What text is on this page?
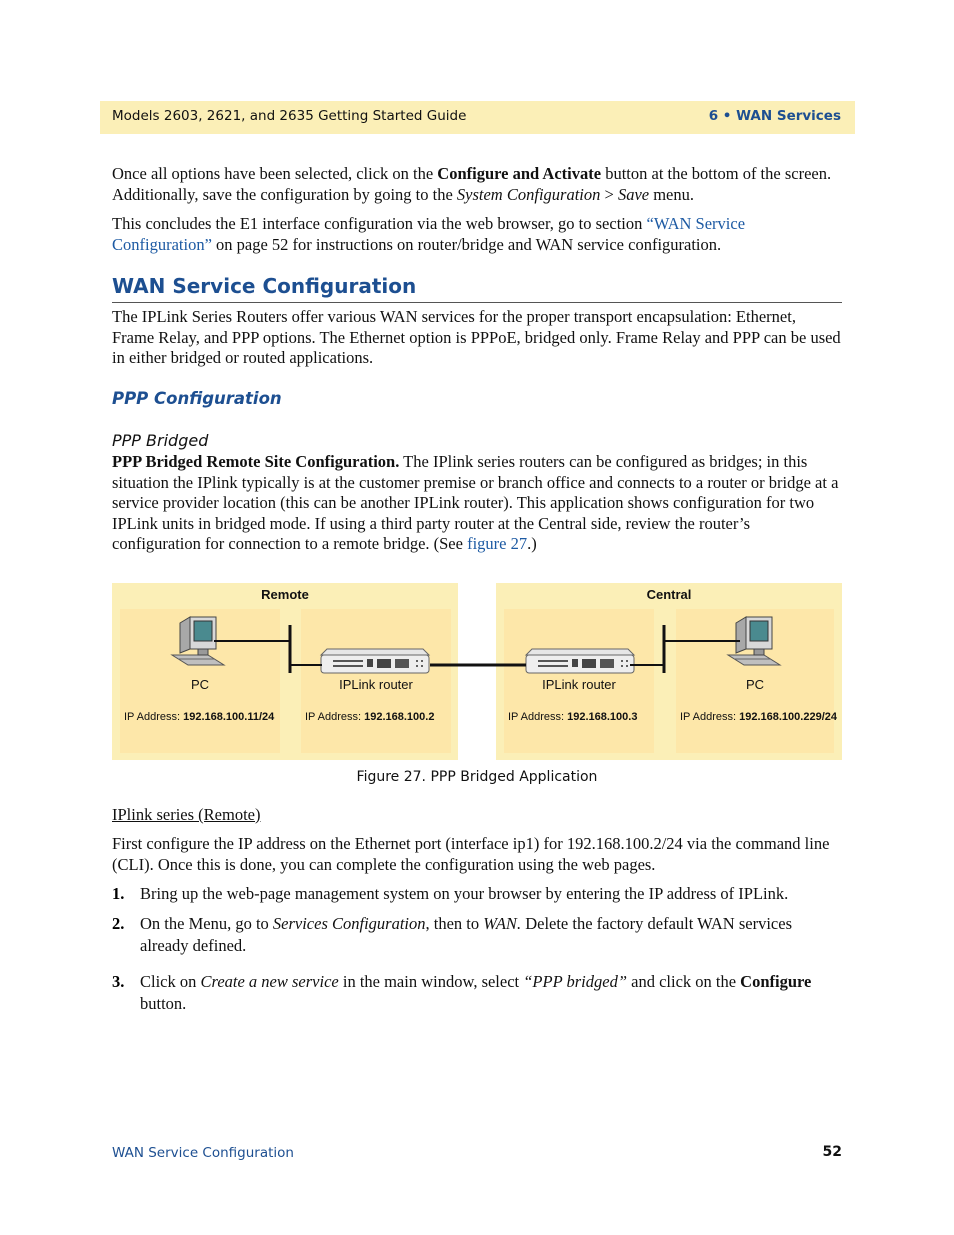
Models 2603, 2621, and 2635 Getting Started Guide	6 • WAN Services
Once all options have been selected, click on the Configure and Activate button at the bottom of the screen. Additionally, save the configuration by going to the System Configuration > Save menu.
This concludes the E1 interface configuration via the web browser, go to section “WAN Service Configuration” on page 52 for instructions on router/bridge and WAN service configuration.
WAN Service Configuration
The IPLink Series Routers offer various WAN services for the proper transport encapsulation: Ethernet, Frame Relay, and PPP options. The Ethernet option is PPPoE, bridged only. Frame Relay and PPP can be used in either bridged or routed applications.
PPP Configuration
PPP Bridged
PPP Bridged Remote Site Configuration. The IPlink series routers can be configured as bridges; in this situation the IPlink typically is at the customer premise or branch office and connects to a router or bridge at a service provider location (this can be another IPLink router). This application shows configuration for two IPLink units in bridged mode. If using a third party router at the Central side, review the router’s configuration for connection to a remote bridge. (See figure 27.)
Remote
PC
IP Address: 192.168.100.11/24
IPLink router
IP Address: 192.168.100.2
Central
IPLink router
IP Address: 192.168.100.3
PC
IP Address: 192.168.100.229/24
Figure 27. PPP Bridged Application
IPlink series (Remote)
First configure the IP address on the Ethernet port (interface ip1) for 192.168.100.2/24 via the command line (CLI). Once this is done, you can complete the configuration using the web pages.
1. Bring up the web-page management system on your browser by entering the IP address of IPLink.
2. On the Menu, go to Services Configuration, then to WAN. Delete the factory default WAN services already defined.
3. Click on Create a new service in the main window, select “PPP bridged” and click on the Configure button.
WAN Service Configuration	52
